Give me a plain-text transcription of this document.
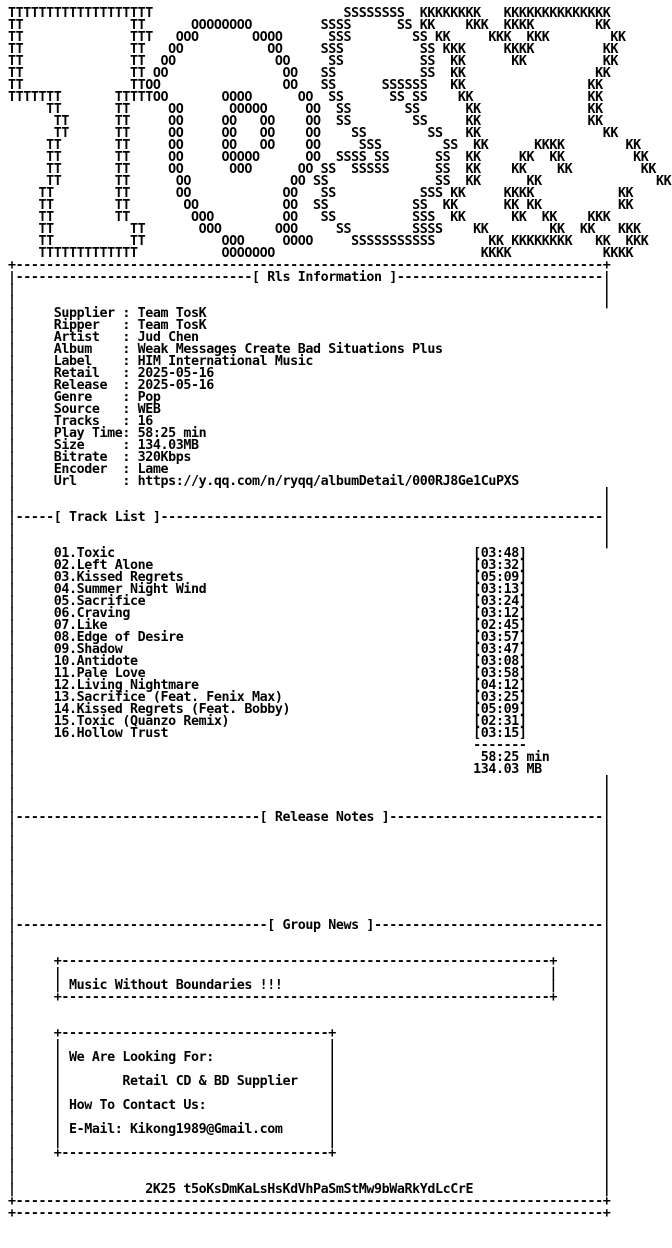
TTTTTTTTTTTTTTTTTTT                         SSSSSSSS  KKKKKKKK   KKKKKKKKKKKKKK
TT              TT      OOOOOOOO         SSSS      SS KK    KKK  KKKK        KK
TT              TTT   OOO       OOOO      SSS        SS KK     KKK  KKK        KK
TT              TT   OO           OO     SSS          SS KKK     KKKK         KK
TT              TT  OO             OO     SS          SS  KK      KK          KK
TT              TT OO               OO   SS           SS  KK                 KK
TT              TTOO                OO   SS      SSSSSS   KK                KK
TTTTTTT       TTTTTOO       OOOO      OO  SS      SS SS    KK               KK
TT       TT     OO      OOOOO     OO  SS       SS      KK              KK
TT      TT     OO     OO   OO    OO  SS        SS     KK              KK
TT      TT     OO     OO   OO    OO    SS        SS   KK                KK
TT       TT     OO     OO   OO    OO     SSS        SS  KK      KKKK        KK
TT       TT     OO     OOOOO      OO  SSSS SS      SS  KK     KK  KK         KK
TT       TT     OO      OOO      OO SS  SSSSS      SS  KK    KK    KK         KK
TT       TT      OO             OO SS              SS  KK      KK               KK
TT        TT      OO            OO   SS           SSS KK     KKKK           KK
TT        TT       OO           OO  SS           SS  KK      KK KK          KK
TT        TT        OOO         OO   SS          SSS  KK      KK  KK    KKK
TT          TT       OOO       OOO     SS        SSSS    KK        KK  KK   KKK
TT          TT          OOO     OOOO     SSSSSSSSSSS       KK KKKKKKKK   KK  KKK
TTTTTTTTTTTTT           OOOOOOO                           KKKK            KKKK
+-----------------------------------------------------------------------------+
|-------------------------------[ Rls Information ]---------------------------|
|                                                                             |
|                                                                             |
|     Supplier : Team TosK
|     Ripper   : Team TosK
|     Artist   : Jud Chen
|     Album    : Weak Messages Create Bad Situations Plus
|     Label    : HIM International Music
|     Retail   : 2025-05-16
|     Release  : 2025-05-16
|     Genre    : Pop
|     Source   : WEB
|     Tracks   : 16
|     Play Time: 58:25 min
|     Size     : 134.03MB
|     Bitrate  : 320Kbps
|     Encoder  : Lame
|     Url      : https://y.qq.com/n/ryqq/albumDetail/000RJ8Ge1CuPXS
|                                                                             |
|                                                                             |
|-----[ Track List ]----------------------------------------------------------|
|                                                                             |
|                                                                             |
|     01.Toxic                                               [03:48]
|     02.Left Alone                                          [03:32]
|     03.Kissed Regrets                                      [05:09]
|     04.Summer Night Wind                                   [03:13]
|     05.Sacrifice                                           [03:24]
|     06.Craving                                             [03:12]
|     07.Like                                                [02:45]
|     08.Edge of Desire                                      [03:57]
|     09.Shadow                                              [03:47]
|     10.Antidote                                            [03:08]
|     11.Pale Love                                           [03:58]
|     12.Living Nightmare                                    [04:12]
|     13.Sacrifice (Feat. Fenix Max)                         [03:25]
|     14.Kissed Regrets (Feat. Bobby)                        [05:09]
|     15.Toxic (Quanzo Remix)                                [02:31]
|     16.Hollow Trust                                        [03:15]
|                                                            -------
|                                                             58:25 min
|                                                            134.03 MB
|                                                                             |
|                                                                             |
|                                                                             |
|--------------------------------[ Release Notes ]----------------------------|
|                                                                             |
|                                                                             |
|                                                                             |
|                                                                             |
|                                                                             |
|                                                                             |
|                                                                             |
|                                                                             |
|---------------------------------[ Group News ]------------------------------|
|                                                                             |
|                                                                             |
|     +----------------------------------------------------------------+      |
|     |                                                                |      |
|     | Music Without Boundaries !!!                                   |      |
|     +----------------------------------------------------------------+      |
|                                                                             |
|                                                                             |
|     +-----------------------------------+                                   |
|     |                                   |                                   |
|     | We Are Looking For:               |                                   |
|     |                                   |                                   |
|     |        Retail CD & BD Supplier    |                                   |
|     |                                   |                                   |
|     | How To Contact Us:                |                                   |
|     |                                   |                                   |
|     | E-Mail: Kikong1989@Gmail.com      |                                   |
|     |                                   |                                   |
|     +-----------------------------------+                                   |
|                                                                             |
|                                                                             |
|                 2K25 t5oKsDmKaLsHsKdVhPaSmStMw9bWaRkYdLcCrE                 |
+-----------------------------------------------------------------------------+
+-----------------------------------------------------------------------------+
